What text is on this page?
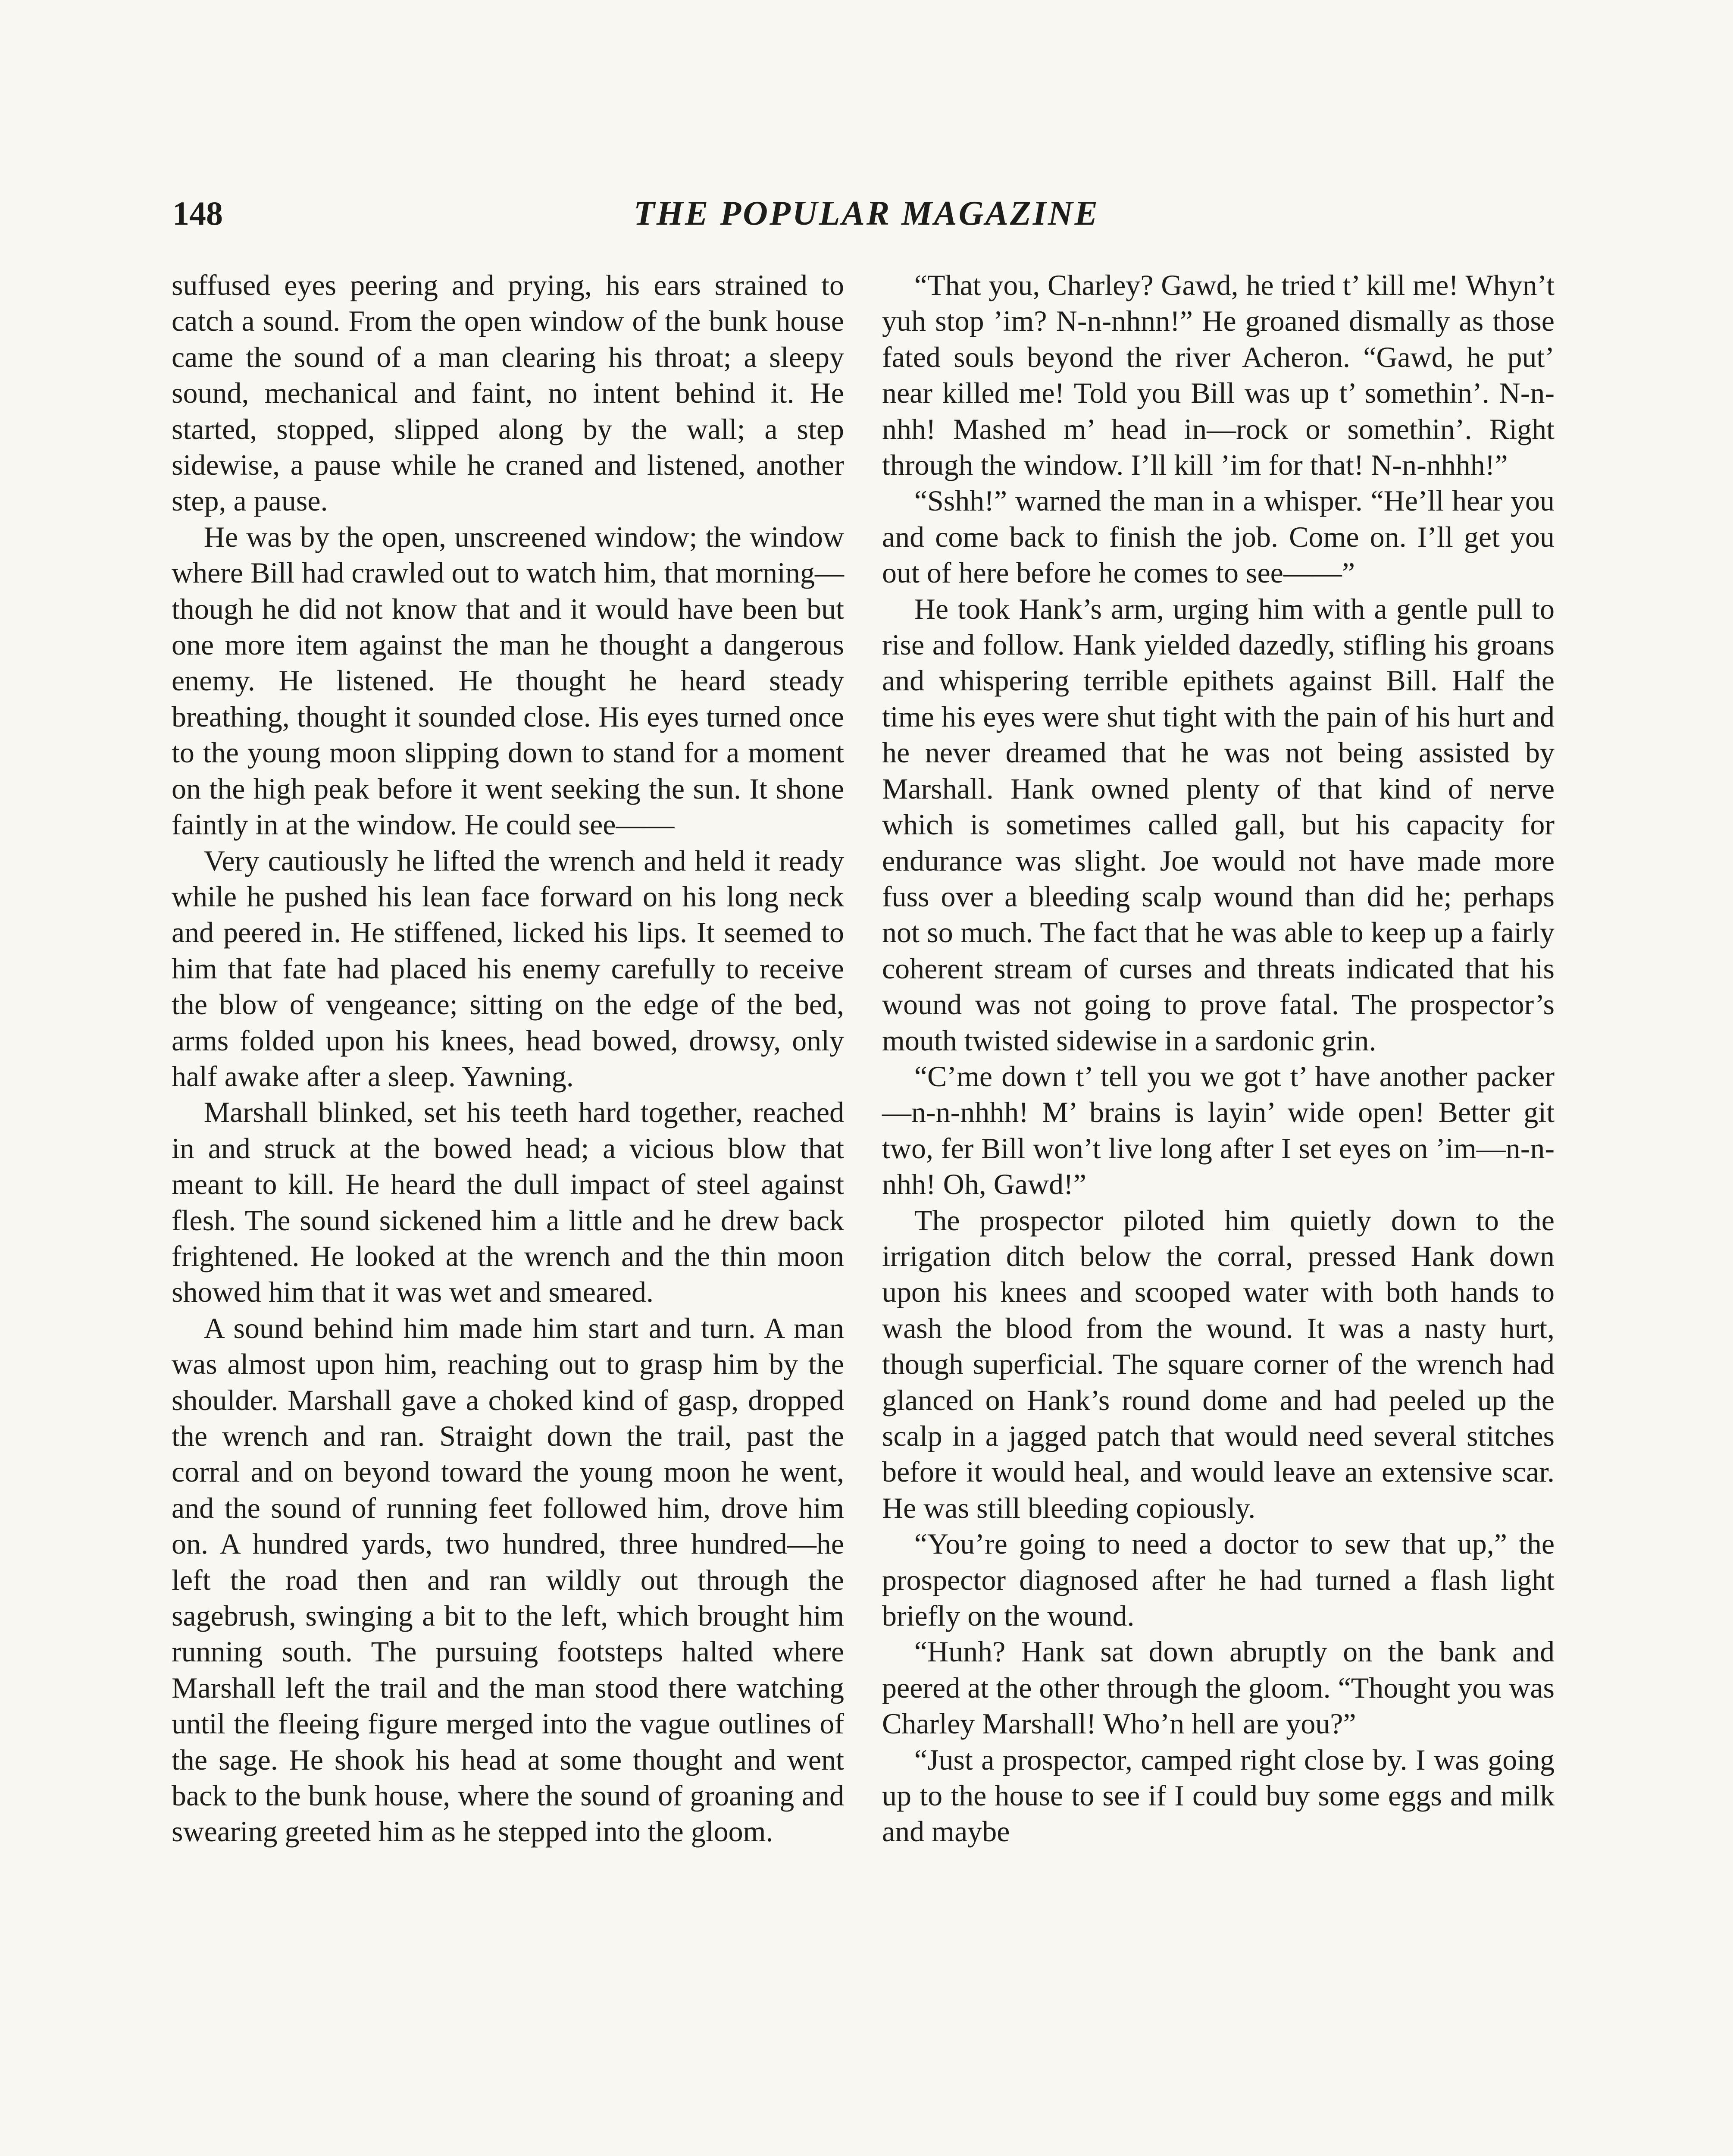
148	THE POPULAR MAGAZINE

suffused eyes peering and prying, his ears strained to catch a sound. From the open window of the bunk house came the sound of a man clearing his throat; a sleepy sound, mechanical and faint, no intent behind it. He started, stopped, slipped along by the wall; a step sidewise, a pause while he craned and listened, another step, a pause.

He was by the open, unscreened window; the window where Bill had crawled out to watch him, that morning—though he did not know that and it would have been but one more item against the man he thought a dangerous enemy. He listened. He thought he heard steady breathing, thought it sounded close. His eyes turned once to the young moon slipping down to stand for a moment on the high peak before it went seeking the sun. It shone faintly in at the window. He could see——

Very cautiously he lifted the wrench and held it ready while he pushed his lean face forward on his long neck and peered in. He stiffened, licked his lips. It seemed to him that fate had placed his enemy carefully to receive the blow of vengeance; sitting on the edge of the bed, arms folded upon his knees, head bowed, drowsy, only half awake after a sleep. Yawning.

Marshall blinked, set his teeth hard together, reached in and struck at the bowed head; a vicious blow that meant to kill. He heard the dull impact of steel against flesh. The sound sickened him a little and he drew back frightened. He looked at the wrench and the thin moon showed him that it was wet and smeared.

A sound behind him made him start and turn. A man was almost upon him, reaching out to grasp him by the shoulder. Marshall gave a choked kind of gasp, dropped the wrench and ran. Straight down the trail, past the corral and on beyond toward the young moon he went, and the sound of running feet followed him, drove him on. A hundred yards, two hundred, three hundred—he left the road then and ran wildly out through the sagebrush, swinging a bit to the left, which brought him running south. The pursuing footsteps halted where Marshall left the trail and the man stood there watching until the fleeing figure merged into the vague outlines of the sage. He shook his head at some thought and went back to the bunk house, where the sound of groaning and swearing greeted him as he stepped into the gloom.

“That you, Charley? Gawd, he tried t’ kill me! Whyn’t yuh stop ’im? N-n-nhnn!” He groaned dismally as those fated souls beyond the river Acheron. “Gawd, he put’ near killed me! Told you Bill was up t’ somethin’. N-n-nhh! Mashed m’ head in—rock or somethin’. Right through the window. I’ll kill ’im for that! N-n-nhhh!”

“Sshh!” warned the man in a whisper. “He’ll hear you and come back to finish the job. Come on. I’ll get you out of here before he comes to see——”

He took Hank’s arm, urging him with a gentle pull to rise and follow. Hank yielded dazedly, stifling his groans and whispering terrible epithets against Bill. Half the time his eyes were shut tight with the pain of his hurt and he never dreamed that he was not being assisted by Marshall. Hank owned plenty of that kind of nerve which is sometimes called gall, but his capacity for endurance was slight. Joe would not have made more fuss over a bleeding scalp wound than did he; perhaps not so much. The fact that he was able to keep up a fairly coherent stream of curses and threats indicated that his wound was not going to prove fatal. The prospector’s mouth twisted sidewise in a sardonic grin.

“C’me down t’ tell you we got t’ have another packer—n-n-nhhh! M’ brains is layin’ wide open! Better git two, fer Bill won’t live long after I set eyes on ’im—n-n-nhh! Oh, Gawd!”

The prospector piloted him quietly down to the irrigation ditch below the corral, pressed Hank down upon his knees and scooped water with both hands to wash the blood from the wound. It was a nasty hurt, though superficial. The square corner of the wrench had glanced on Hank’s round dome and had peeled up the scalp in a jagged patch that would need several stitches before it would heal, and would leave an extensive scar. He was still bleeding copiously.

“You’re going to need a doctor to sew that up,” the prospector diagnosed after he had turned a flash light briefly on the wound.

“Hunh? Hank sat down abruptly on the bank and peered at the other through the gloom. “Thought you was Charley Marshall! Who’n hell are you?”

“Just a prospector, camped right close by. I was going up to the house to see if I could buy some eggs and milk and maybe
